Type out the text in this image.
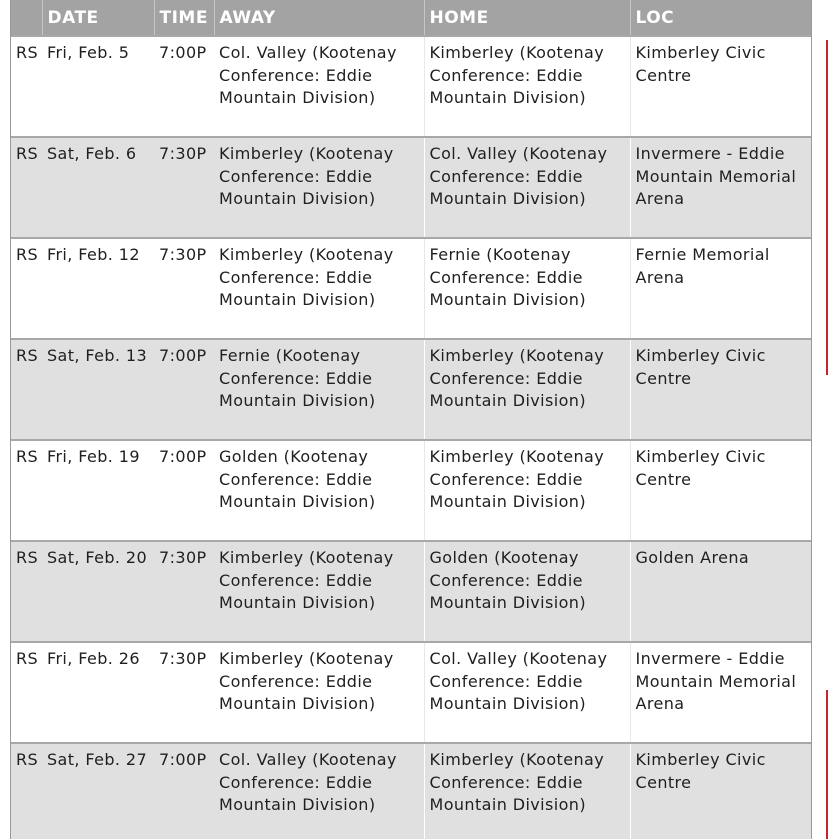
	DATE	TIME	AWAY	HOME	LOC
RS	Fri, Feb. 5	7:00P	Col. Valley (Kootenay Conference: Eddie Mountain Division)	Kimberley (Kootenay Conference: Eddie Mountain Division)	Kimberley Civic Centre
RS	Sat, Feb. 6	7:30P	Kimberley (Kootenay Conference: Eddie Mountain Division)	Col. Valley (Kootenay Conference: Eddie Mountain Division)	Invermere - Eddie Mountain Memorial Arena
RS	Fri, Feb. 12	7:30P	Kimberley (Kootenay Conference: Eddie Mountain Division)	Fernie (Kootenay Conference: Eddie Mountain Division)	Fernie Memorial Arena
RS	Sat, Feb. 13	7:00P	Fernie (Kootenay Conference: Eddie Mountain Division)	Kimberley (Kootenay Conference: Eddie Mountain Division)	Kimberley Civic Centre
RS	Fri, Feb. 19	7:00P	Golden (Kootenay Conference: Eddie Mountain Division)	Kimberley (Kootenay Conference: Eddie Mountain Division)	Kimberley Civic Centre
RS	Sat, Feb. 20	7:30P	Kimberley (Kootenay Conference: Eddie Mountain Division)	Golden (Kootenay Conference: Eddie Mountain Division)	Golden Arena
RS	Fri, Feb. 26	7:30P	Kimberley (Kootenay Conference: Eddie Mountain Division)	Col. Valley (Kootenay Conference: Eddie Mountain Division)	Invermere - Eddie Mountain Memorial Arena
RS	Sat, Feb. 27	7:00P	Col. Valley (Kootenay Conference: Eddie Mountain Division)	Kimberley (Kootenay Conference: Eddie Mountain Division)	Kimberley Civic Centre
